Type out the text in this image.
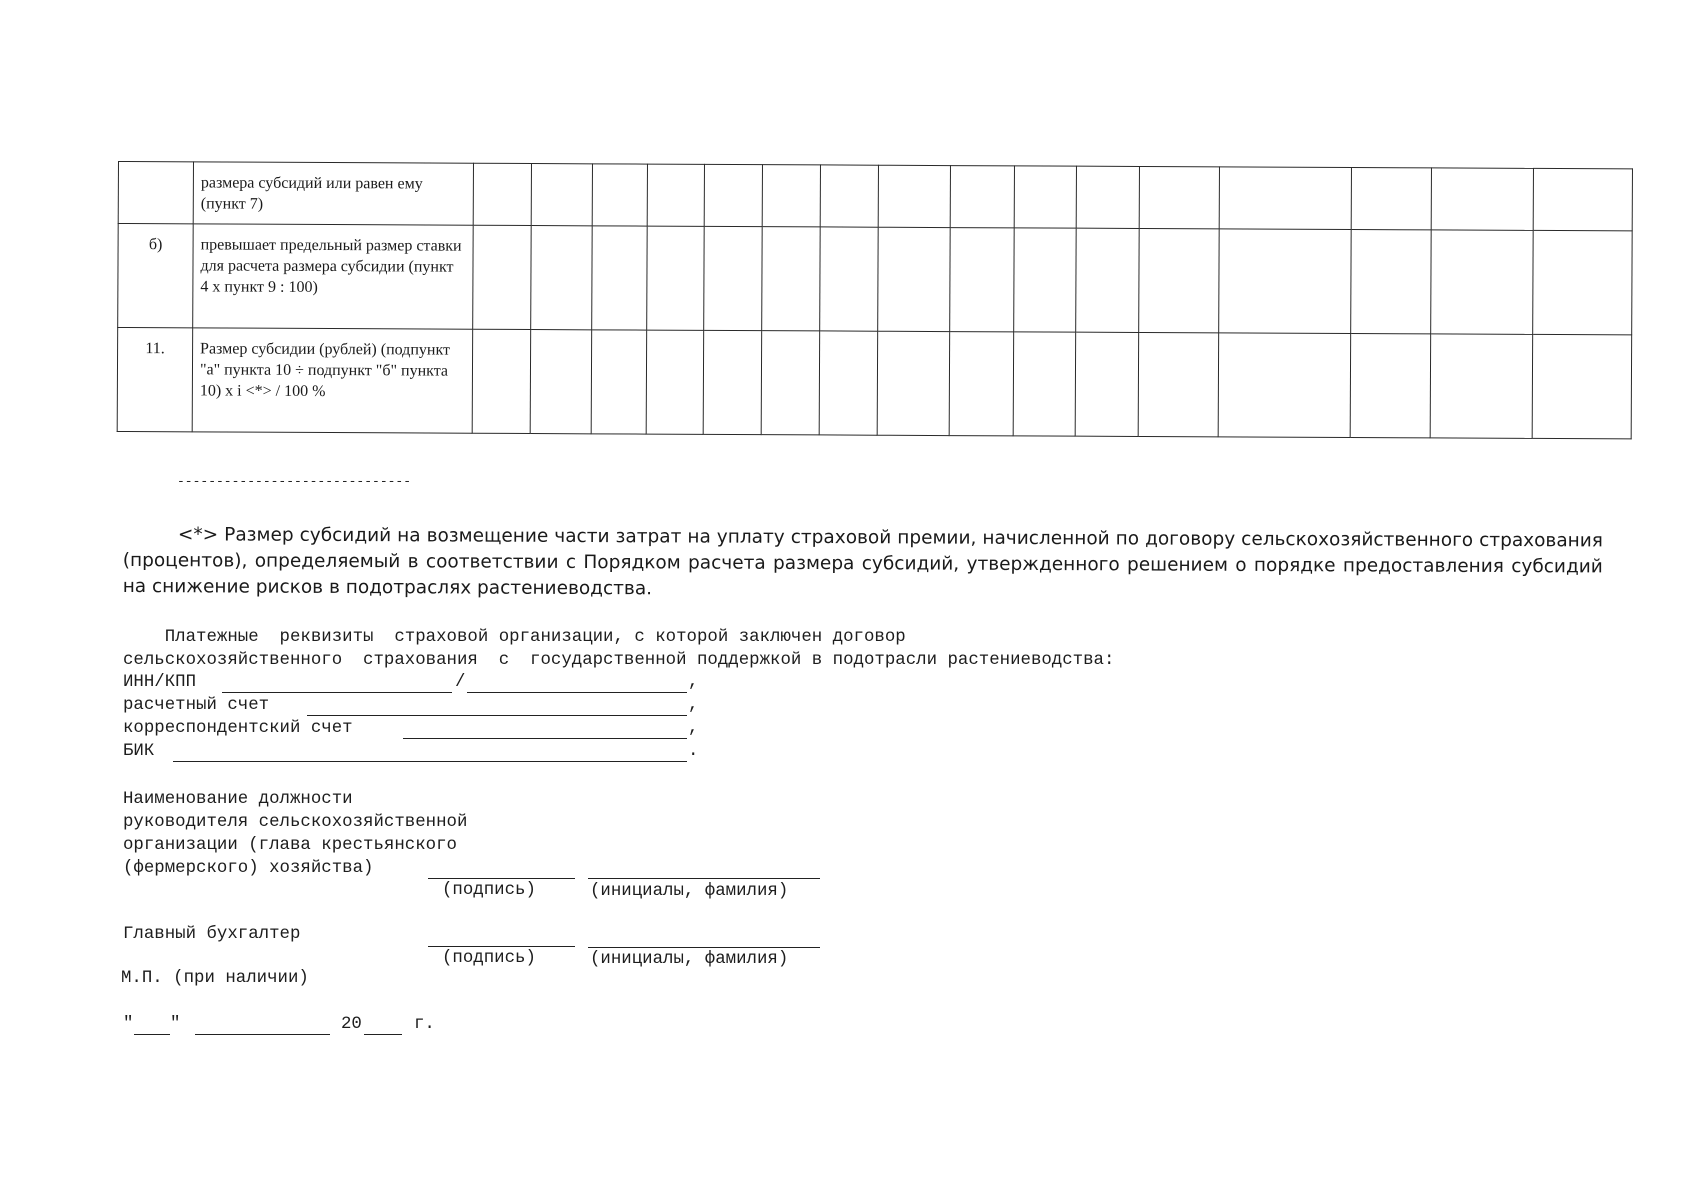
	размера субсидий или равен ему (пункт 7)																
б)	превышает предельный размер ставки для расчета размера субсидии (пункт 4 x пункт 9 : 100)																
11.	Размер субсидии (рублей) (подпункт "а" пункта 10 ÷ подпункт "б" пункта 10) x i <*> / 100 %																
------------------------------
<*> Размер субсидий на возмещение части затрат на уплату страховой премии, начисленной по договору сельскохозяйственного страхования (процентов), определяемый в соответствии с Порядком расчета размера субсидий, утвержденного решением о порядке предоставления субсидий на снижение рисков в подотраслях растениеводства.
Платежные  реквизиты  страховой организации, с которой заключен договор
сельскохозяйственного  страхования  с  государственной поддержкой в подотрасли растениеводства:
ИНН/КПП	/	,
расчетный счет	,
корреспондентский счет	,
БИК	.
Наименование должности
руководителя сельскохозяйственной
организации (глава крестьянского
(фермерского) хозяйства)
(подпись)	(инициалы, фамилия)
Главный бухгалтер
(подпись)	(инициалы, фамилия)
М.П. (при наличии)
" "	20	г.
